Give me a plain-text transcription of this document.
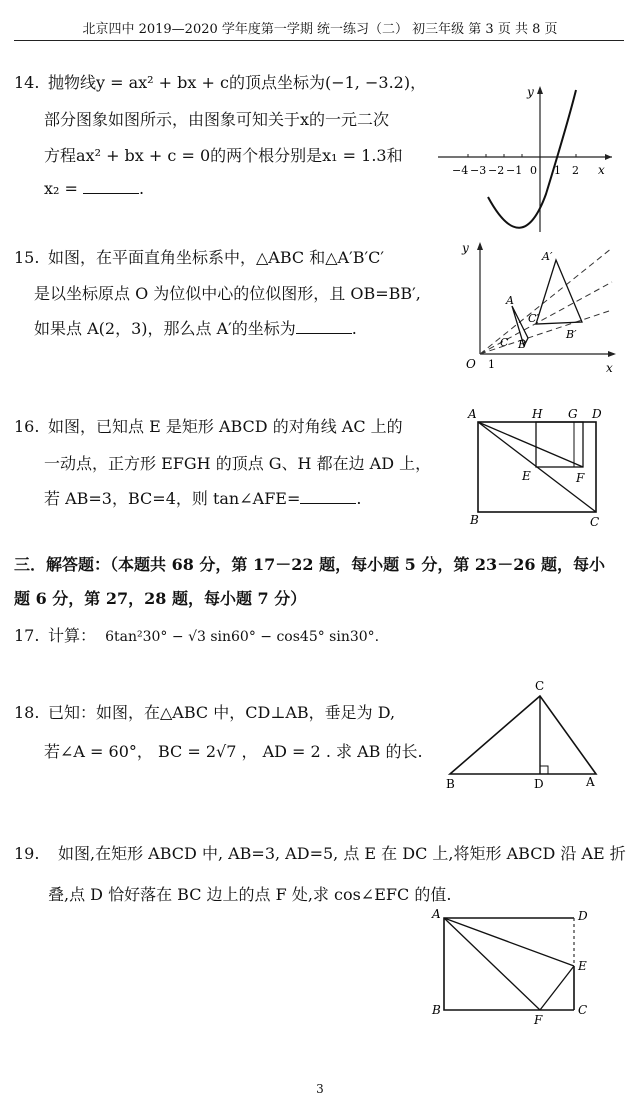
北京四中 2019—2020 学年度第一学期 统一练习（二） 初三年级 第 3 页 共 8 页
14. 抛物线y = ax² + bx + c的顶点坐标为(−1, −3.2)，
部分图象如图所示，由图象可知关于x的一元二次
方程ax² + bx + c = 0的两个根分别是x₁ = 1.3和
x₂ =	.
y
x
−4 −3 −2 −1 0 1 2
15. 如图，在平面直角坐标系中，△ABC 和△A′B′C′
是以坐标原点 O 为位似中心的位似图形，且 OB=BB′,
如果点 A(2，3)，那么点 A′的坐标为	.
y
x
O 1
A
B
C
A′
B′
C′
16. 如图，已知点 E 是矩形 ABCD 的对角线 AC 上的
一动点，正方形 EFGH 的顶点 G、H 都在边 AD 上，
若 AB=3，BC=4，则 tan∠AFE=	.
A	H G D
E	F
B	C
三．解答题：（本题共 68 分，第 17－22 题，每小题 5 分，第 23－26 题，每小
题 6 分，第 27，28 题，每小题 7 分）
17. 计算： 6tan²30° − √3 sin60° − cos45° sin30°.
18. 已知：如图，在△ABC 中，CD⊥AB，垂足为 D,
若∠A = 60°， BC = 2√7 ， AD = 2 . 求 AB 的长.
C
B	D	A
19. 如图,在矩形 ABCD 中, AB=3, AD=5, 点 E 在 DC 上,将矩形 ABCD 沿 AE 折
叠,点 D 恰好落在 BC 边上的点 F 处,求 cos∠EFC 的值.
A	D
E
B
F
C
3
